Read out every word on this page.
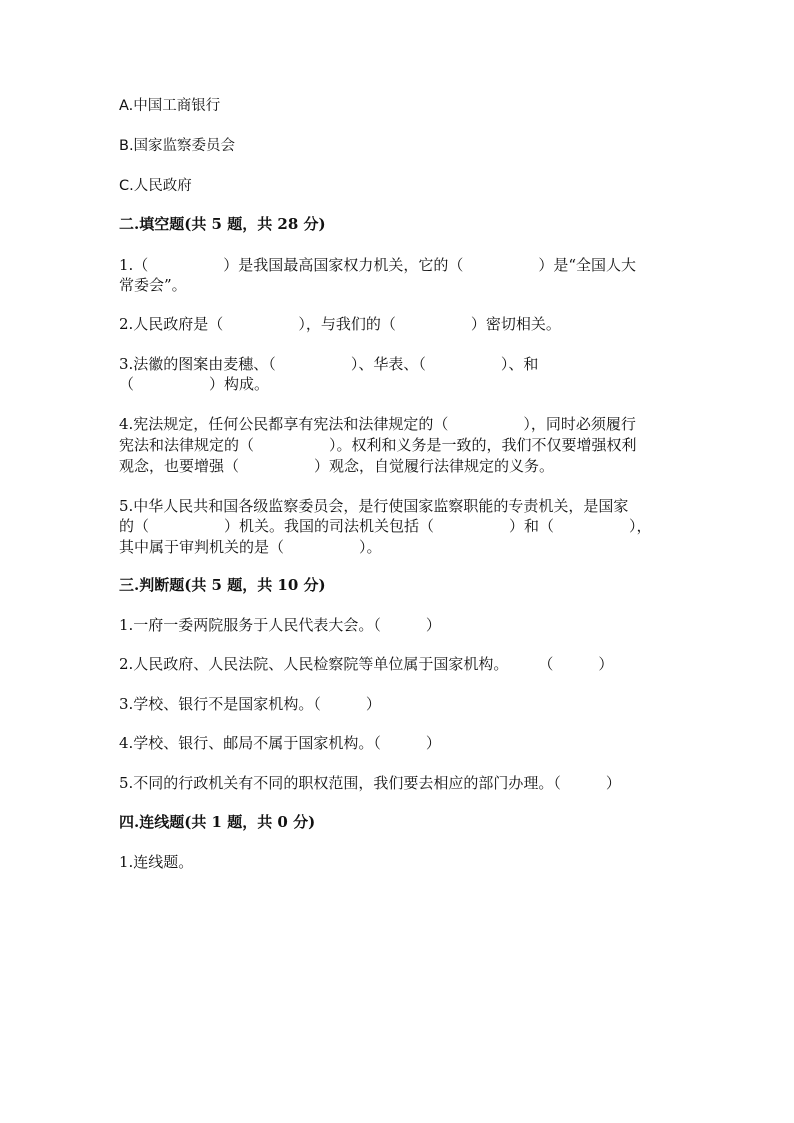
A.中国工商银行
B.国家监察委员会
C.人民政府
二.填空题(共 5 题，共 28 分)
1.（　　　　　）是我国最高国家权力机关，它的（　　　　　）是“全国人大
常委会”。
2.人民政府是（　　　　　），与我们的（　　　　　）密切相关。
3.法徽的图案由麦穗、（　　　　　）、华表、（　　　　　）、和
（　　　　　）构成。
4.宪法规定，任何公民都享有宪法和法律规定的（　　　　　），同时必须履行
宪法和法律规定的（　　　　　）。权利和义务是一致的，我们不仅要增强权利
观念，也要增强（　　　　　）观念，自觉履行法律规定的义务。
5.中华人民共和国各级监察委员会，是行使国家监察职能的专责机关，是国家
的（　　　　　）机关。我国的司法机关包括（　　　　　）和（　　　　　），
其中属于审判机关的是（　　　　　）。
三.判断题(共 5 题，共 10 分)
1.一府一委两院服务于人民代表大会。（　　　）
2.人民政府、人民法院、人民检察院等单位属于国家机构。　　　（　　　）
3.学校、银行不是国家机构。（　　　）
4.学校、银行、邮局不属于国家机构。（　　　）
5.不同的行政机关有不同的职权范围，我们要去相应的部门办理。（　　　）
四.连线题(共 1 题，共 0 分)
1.连线题。
